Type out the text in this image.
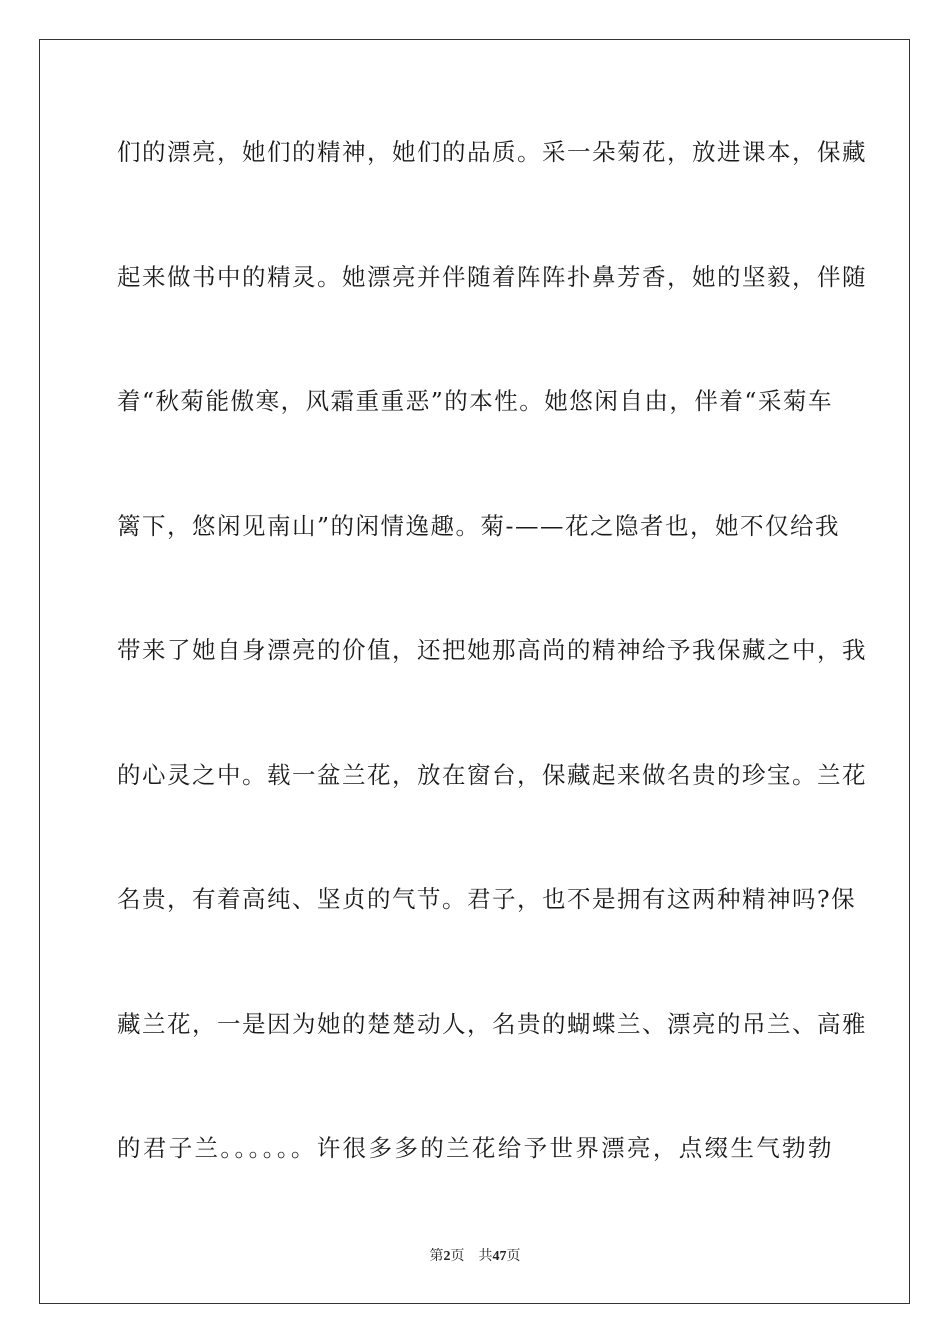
们的漂亮，她们的精神，她们的品质。采一朵菊花，放进课本，保藏
起来做书中的精灵。她漂亮并伴随着阵阵扑鼻芳香，她的坚毅，伴随
着“秋菊能傲寒，风霜重重恶”的本性。她悠闲自由，伴着“采菊车
篱下，悠闲见南山”的闲情逸趣。菊-——花之隐者也，她不仅给我
带来了她自身漂亮的价值，还把她那高尚的精神给予我保藏之中，我
的心灵之中。载一盆兰花，放在窗台，保藏起来做名贵的珍宝。兰花
名贵，有着高纯、坚贞的气节。君子，也不是拥有这两种精神吗?保
藏兰花，一是因为她的楚楚动人，名贵的蝴蝶兰、漂亮的吊兰、高雅
的君子兰。。。。。。许很多多的兰花给予世界漂亮，点缀生气勃勃
第2页 共47页
